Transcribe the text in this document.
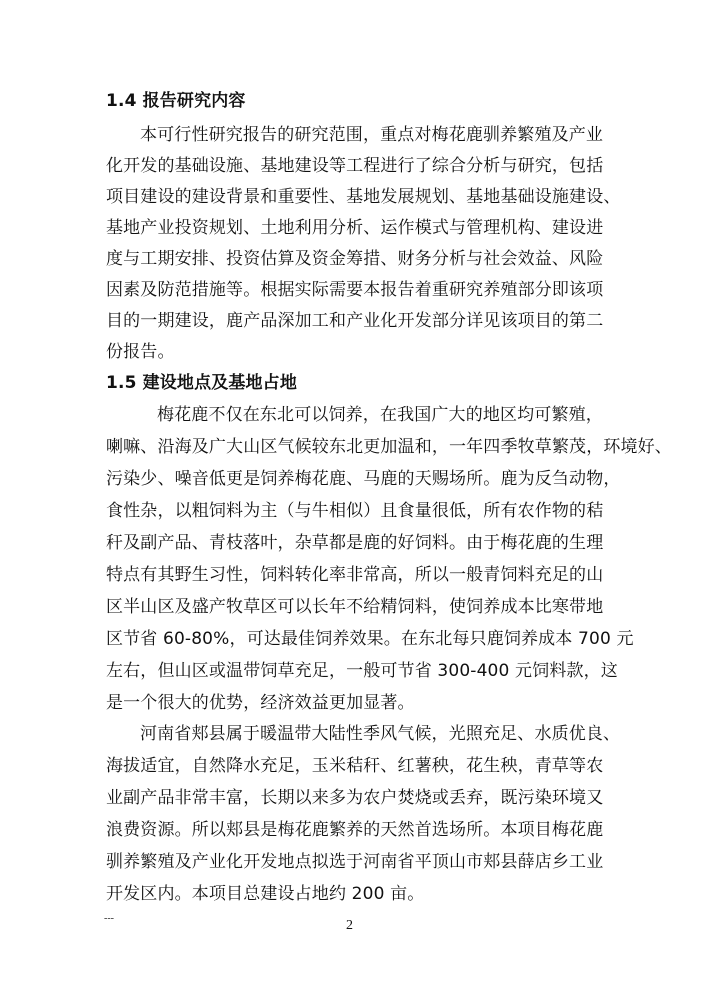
1.4 报告研究内容
本可行性研究报告的研究范围，重点对梅花鹿驯养繁殖及产业
化开发的基础设施、基地建设等工程进行了综合分析与研究，包括
项目建设的建设背景和重要性、基地发展规划、基地基础设施建设、
基地产业投资规划、土地利用分析、运作模式与管理机构、建设进
度与工期安排、投资估算及资金筹措、财务分析与社会效益、风险
因素及防范措施等。根据实际需要本报告着重研究养殖部分即该项
目的一期建设，鹿产品深加工和产业化开发部分详见该项目的第二
份报告。
1.5 建设地点及基地占地
梅花鹿不仅在东北可以饲养，在我国广大的地区均可繁殖，
喇嘛、沿海及广大山区气候较东北更加温和，一年四季牧草繁茂，环境好、
污染少、噪音低更是饲养梅花鹿、马鹿的天赐场所。鹿为反刍动物，
食性杂，以粗饲料为主（与牛相似）且食量很低，所有农作物的秸
秆及副产品、青枝落叶，杂草都是鹿的好饲料。由于梅花鹿的生理
特点有其野生习性，饲料转化率非常高，所以一般青饲料充足的山
区半山区及盛产牧草区可以长年不给精饲料，使饲养成本比寒带地
区节省 60-80%，可达最佳饲养效果。在东北每只鹿饲养成本 700 元
左右，但山区或温带饲草充足，一般可节省 300-400 元饲料款，这
是一个很大的优势，经济效益更加显著。
河南省郏县属于暖温带大陆性季风气候，光照充足、水质优良、
海拔适宜，自然降水充足，玉米秸秆、红薯秧，花生秧，青草等农
业副产品非常丰富，长期以来多为农户焚烧或丢弃，既污染环境又
浪费资源。所以郏县是梅花鹿繁养的天然首选场所。本项目梅花鹿
驯养繁殖及产业化开发地点拟选于河南省平顶山市郏县薛店乡工业
开发区内。本项目总建设占地约 200 亩。
---	2
